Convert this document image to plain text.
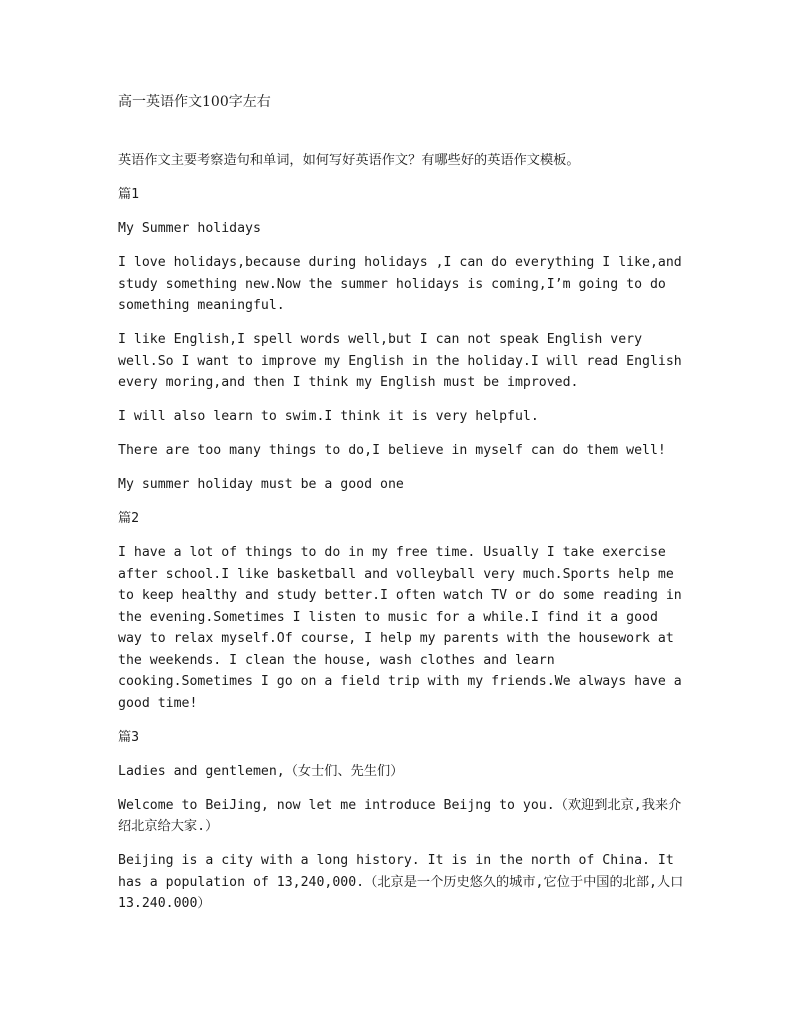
高一英语作文100字左右
英语作文主要考察造句和单词，如何写好英语作文？有哪些好的英语作文模板。
篇1
My Summer holidays
I love holidays,because during holidays ,I can do everything I like,and study something new.Now the summer holidays is coming,I’m going to do something meaningful.
I like English,I spell words well,but I can not speak English very well.So I want to improve my English in the holiday.I will read English every moring,and then I think my English must be improved.
I will also learn to swim.I think it is very helpful.
There are too many things to do,I believe in myself can do them well!
My summer holiday must be a good one
篇2
I have a lot of things to do in my free time. Usually I take exercise after school.I like basketball and volleyball very much.Sports help me to keep healthy and study better.I often watch TV or do some reading in the evening.Sometimes I listen to music for a while.I find it a good way to relax myself.Of course, I help my parents with the housework at the weekends. I clean the house, wash clothes and learn cooking.Sometimes I go on a field trip with my friends.We always have a good time!
篇3
Ladies and gentlemen,（女士们、先生们）
Welcome to BeiJing, now let me introduce Beijng to you.（欢迎到北京,我来介绍北京给大家.）
Beijing is a city with a long history. It is in the north of China. It has a population of 13,240,000.（北京是一个历史悠久的城市,它位于中国的北部,人口13.240.000）
